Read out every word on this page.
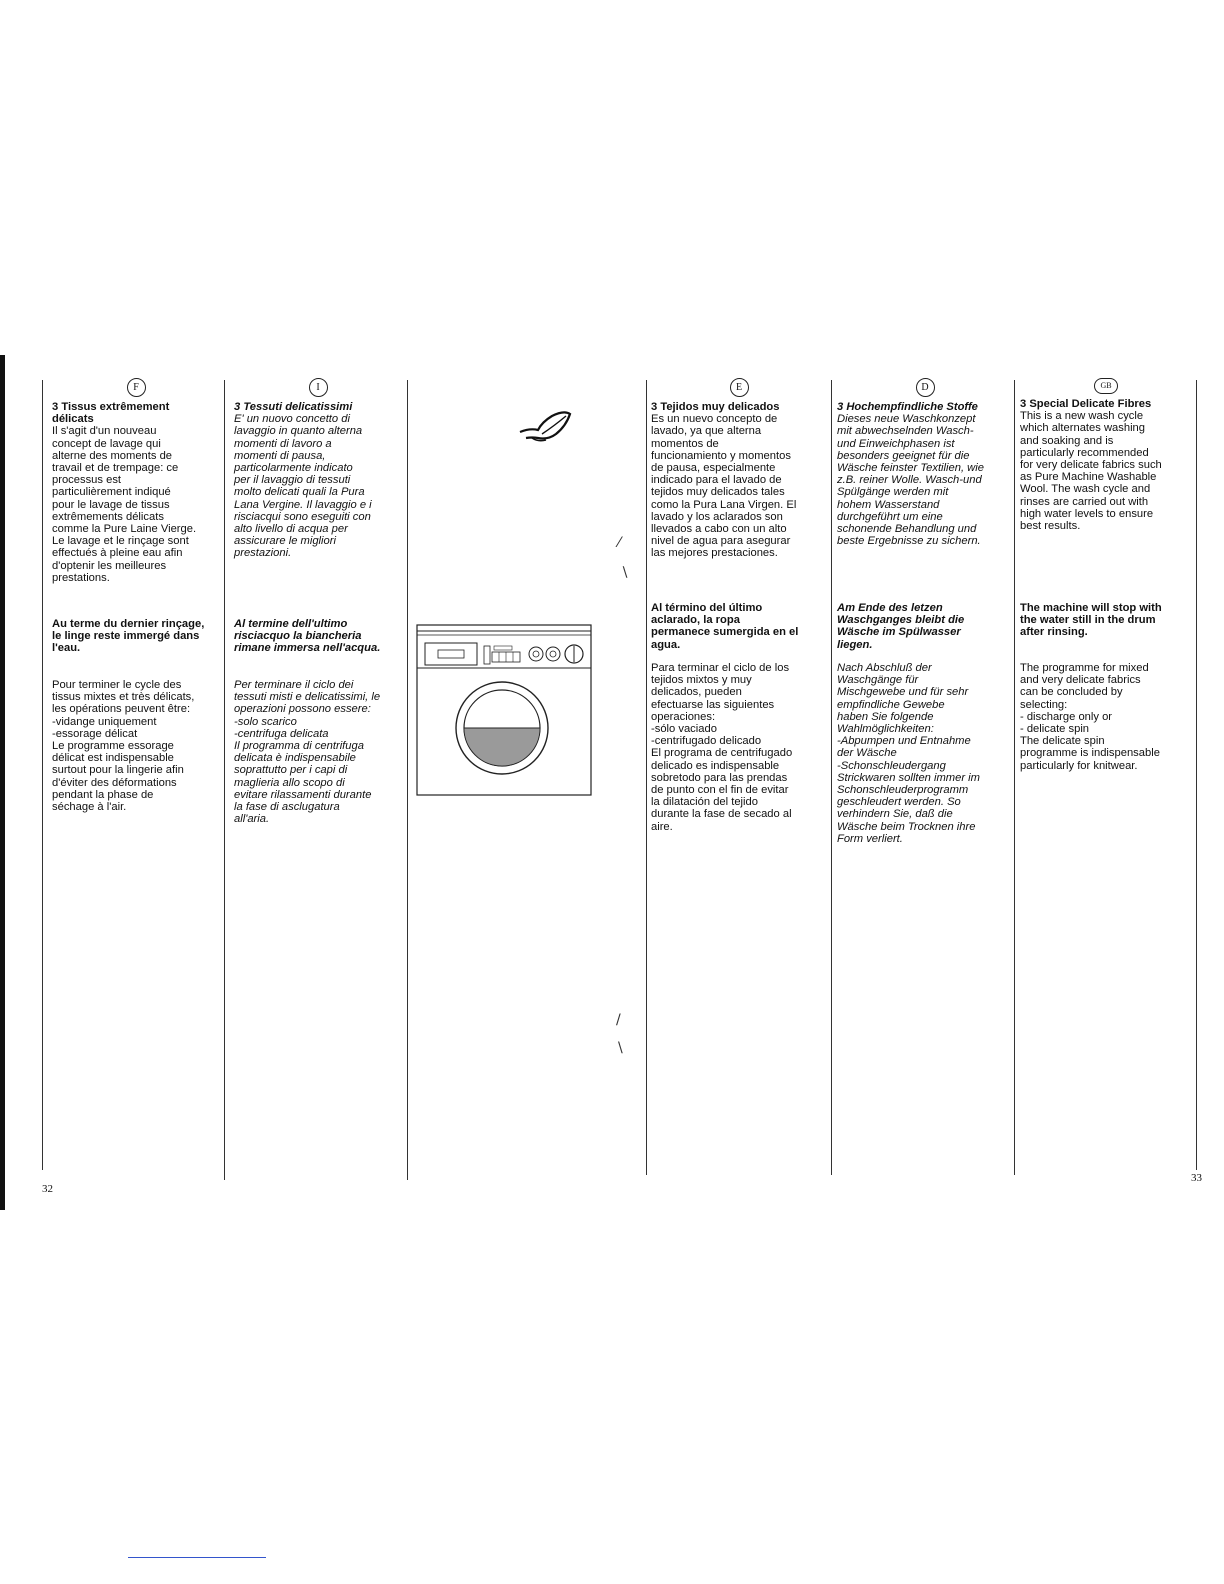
F

3 Tissus extrêmement délicats

Il s'agit d'un nouveau
concept de lavage qui
alterne des moments de
travail et de trempage: ce
processus est
particulièrement indiqué
pour le lavage de tissus
extrêmements délicats
comme la Pure Laine Vierge.
Le lavage et le rinçage sont
effectués à pleine eau afin
d'optenir les meilleures
prestations.

Au terme du dernier rinçage,
le linge reste immergé dans
l'eau.

Pour terminer le cycle des
tissus mixtes et très délicats,
les opérations peuvent être:
-vidange uniquement
-essorage délicat
Le programme essorage
délicat est indispensable
surtout pour la lingerie afin
d'éviter des déformations
pendant la phase de
séchage à l'air.

I

3 Tessuti delicatissimi

E' un nuovo concetto di
lavaggio in quanto alterna
momenti di lavoro a
momenti di pausa,
particolarmente indicato
per il lavaggio di tessuti
molto delicati quali la Pura
Lana Vergine. Il lavaggio e i
risciacqui sono eseguiti con
alto livello di acqua per
assicurare le migliori
prestazioni.

Al termine dell'ultimo
risciacquo la biancheria
rimane immersa nell'acqua.

Per terminare il ciclo dei
tessuti misti e delicatissimi, le
operazioni possono essere:
-solo scarico
-centrifuga delicata
Il programma di centrifuga
delicata è indispensabile
soprattutto per i capi di
maglieria allo scopo di
evitare rilassamenti durante
la fase di asclugatura
all'aria.

E

3 Tejidos muy delicados

Es un nuevo concepto de
lavado, ya que alterna
momentos de
funcionamiento y momentos
de pausa, especialmente
indicado para el lavado de
tejidos muy delicados tales
como la Pura Lana Virgen. El
lavado y los aclarados son
llevados a cabo con un alto
nivel de agua para asegurar
las mejores prestaciones.

Al término del último
aclarado, la ropa
permanece sumergida en el
agua.

Para terminar el ciclo de los
tejidos mixtos y muy
delicados, pueden
efectuarse las siguientes
operaciones:
-sólo vaciado
-centrifugado delicado
El programa de centrifugado
delicado es indispensable
sobretodo para las prendas
de punto con el fin de evitar
la dilatación del tejido
durante la fase de secado al
aire.

D

3 Hochempfindliche Stoffe

Dieses neue Waschkonzept
mit abwechselnden Wasch-
und Einweichphasen ist
besonders geeignet für die
Wäsche feinster Textilien, wie
z.B. reiner Wolle. Wasch-und
Spülgänge werden mit
hohem Wasserstand
durchgeführt um eine
schonende Behandlung und
beste Ergebnisse zu sichern.

Am Ende des letzen
Waschganges bleibt die
Wäsche im Spülwasser
liegen.

Nach Abschluß der
Waschgänge für
Mischgewebe und für sehr
empfindliche Gewebe
haben Sie folgende
Wahlmöglichkeiten:
-Abpumpen und Entnahme
der Wäsche
-Schonschleudergang
Strickwaren sollten immer im
Schonschleuderprogramm
geschleudert werden. So
verhindern Sie, daß die
Wäsche beim Trocknen ihre
Form verliert.

GB

3 Special Delicate Fibres

This is a new wash cycle
which alternates washing
and soaking and is
particularly recommended
for very delicate fabrics such
as Pure Machine Washable
Wool. The wash cycle and
rinses are carried out with
high water levels to ensure
best results.

The machine will stop with
the water still in the drum
after rinsing.

The programme for mixed
and very delicate fabrics
can be concluded by
selecting:
- discharge only or
- delicate spin
The delicate spin
programme is indispensable
particularly for knitwear.

⁄
∖
/
\
32
33
